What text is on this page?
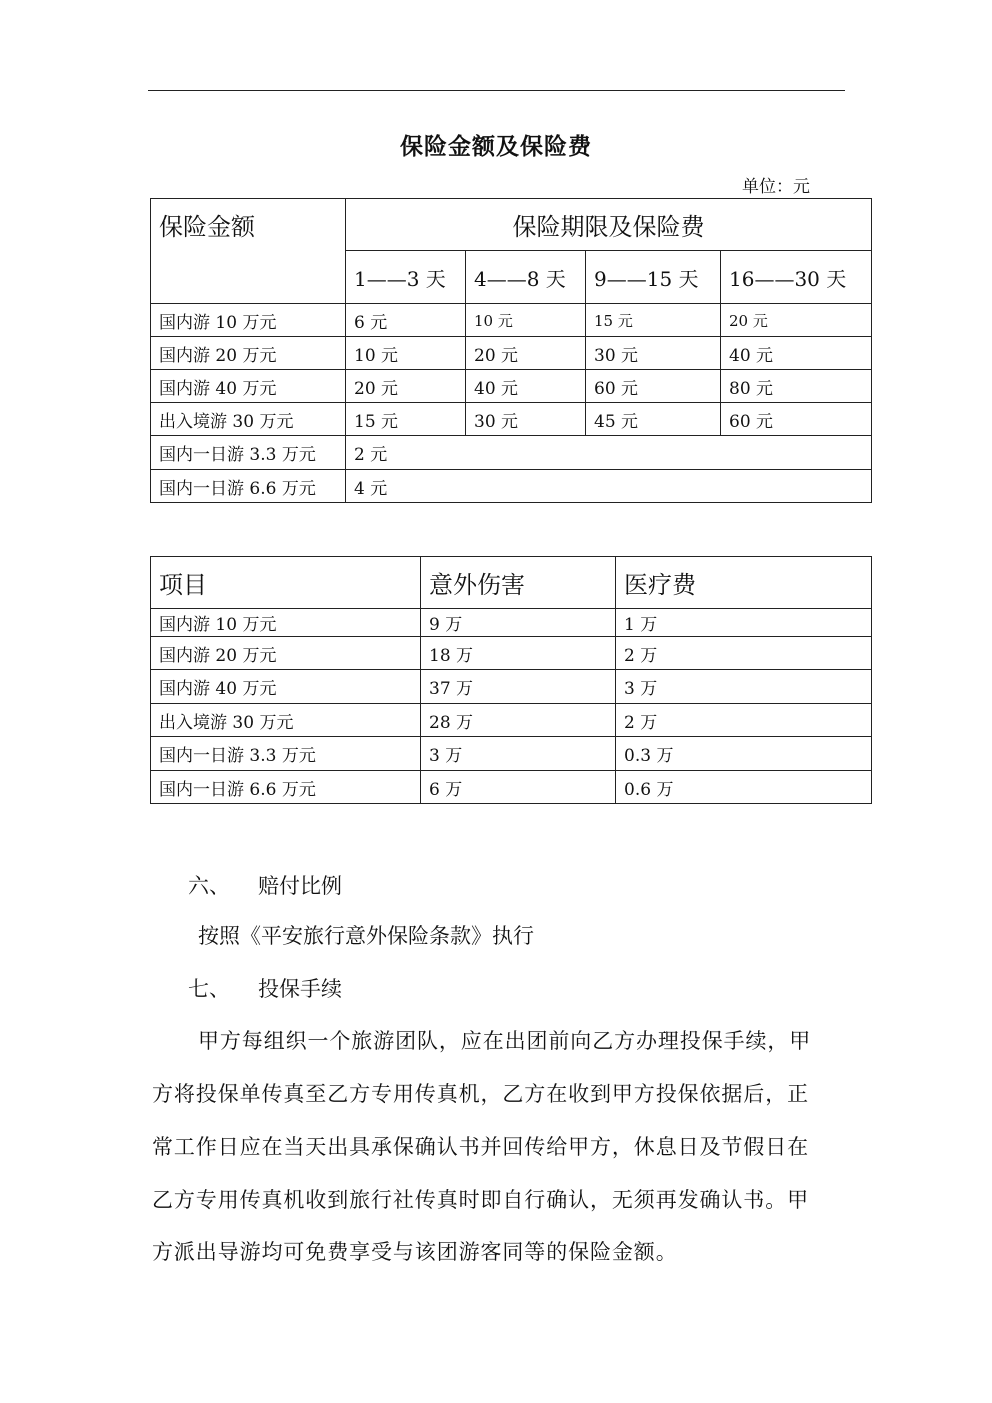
保险金额及保险费
单位：元
保险金额	保险期限及保险费			
	1——3 天	4——8 天	9——15 天	16——30 天
国内游 10 万元	6 元	10 元	15 元	20 元
国内游 20 万元	10 元	20 元	30 元	40 元
国内游 40 万元	20 元	40 元	60 元	80 元
出入境游 30 万元	15 元	30 元	45 元	60 元
国内一日游 3.3 万元	2 元			
国内一日游 6.6 万元	4 元			
项目	意外伤害	医疗费
国内游 10 万元	9 万	1 万
国内游 20 万元	18 万	2 万
国内游 40 万元	37 万	3 万
出入境游 30 万元	28 万	2 万
国内一日游 3.3 万元	3 万	0.3 万
国内一日游 6.6 万元	6 万	0.6 万
六、 赔付比例
按照《平安旅行意外保险条款》执行
七、 投保手续
甲方每组织一个旅游团队，应在出团前向乙方办理投保手续，甲
方将投保单传真至乙方专用传真机，乙方在收到甲方投保依据后，正
常工作日应在当天出具承保确认书并回传给甲方，休息日及节假日在
乙方专用传真机收到旅行社传真时即自行确认，无须再发确认书。甲
方派出导游均可免费享受与该团游客同等的保险金额。
